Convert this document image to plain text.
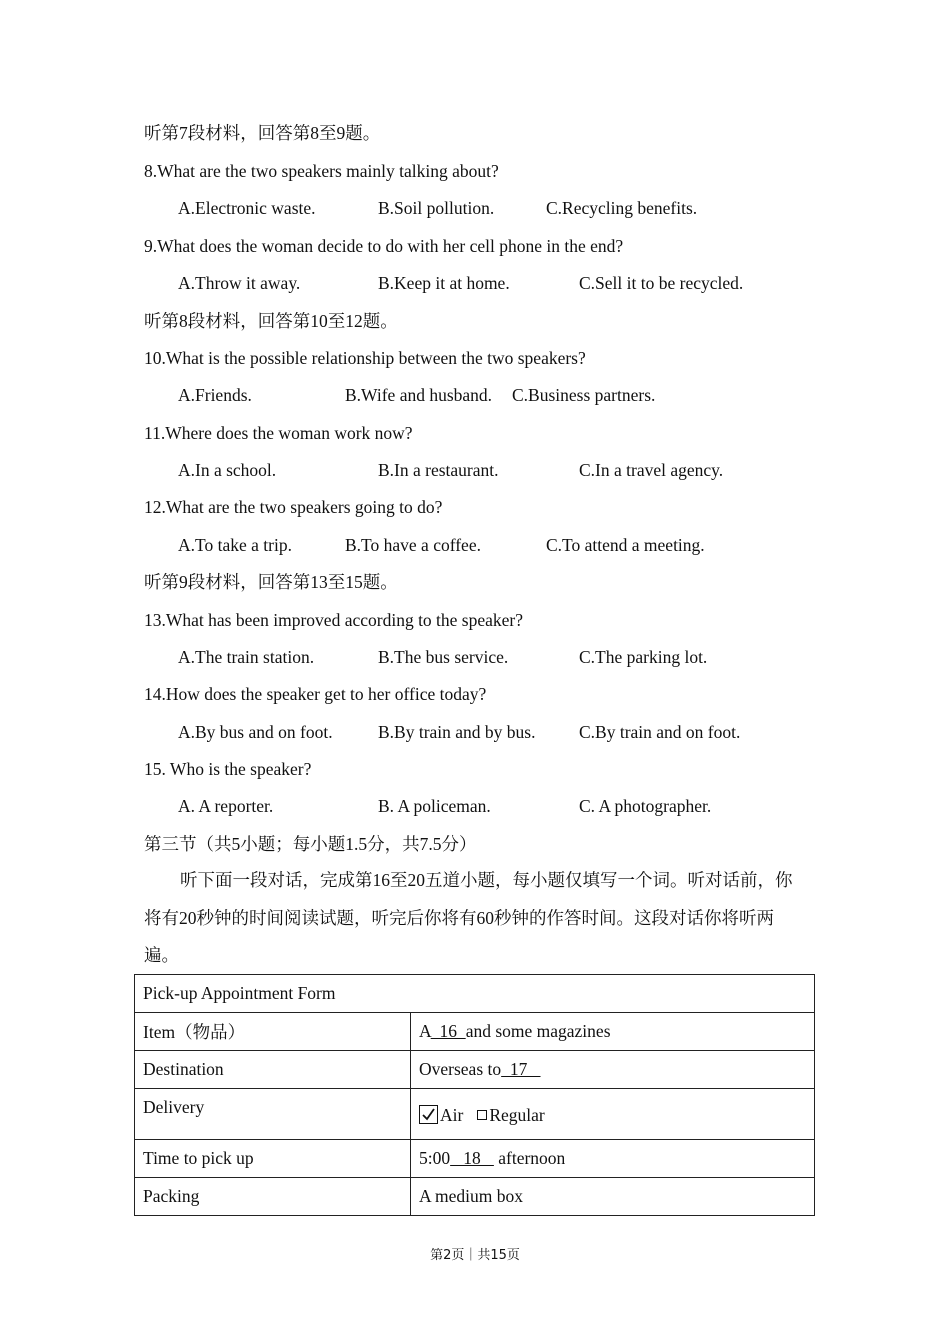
听第7段材料，回答第8至9题。
8.What are the two speakers mainly talking about?
A.Electronic waste.	B.Soil pollution.	C.Recycling benefits.
9.What does the woman decide to do with her cell phone in the end?
A.Throw it away.	B.Keep it at home.	C.Sell it to be recycled.
听第8段材料，回答第10至12题。
10.What is the possible relationship between the two speakers?
A.Friends.	B.Wife and husband. C.Business partners.
11.Where does the woman work now?
A.In a school.	B.In a restaurant.	C.In a travel agency.
12.What are the two speakers going to do?
A.To take a trip.	B.To have a coffee.	C.To attend a meeting.
听第9段材料，回答第13至15题。
13.What has been improved according to the speaker?
A.The train station.	B.The bus service.	C.The parking lot.
14.How does the speaker get to her office today?
A.By bus and on foot.	B.By train and by bus. C.By train and on foot.
15. Who is the speaker?
A. A reporter.	B. A policeman.	C. A photographer.
第三节（共5小题；每小题1.5分，共7.5分）
听下面一段对话，完成第16至20五道小题，每小题仅填写一个词。听对话前，你将有20秒钟的时间阅读试题，听完后你将有60秒钟的作答时间。这段对话你将听两遍。
Pick-up Appointment Form	
Item（物品）	A  16  and some magazines
Destination	Overseas to  17
Delivery	Air Regular
Time to pick up	5:00   18    afternoon
Packing	A medium box
第2页｜共15页
